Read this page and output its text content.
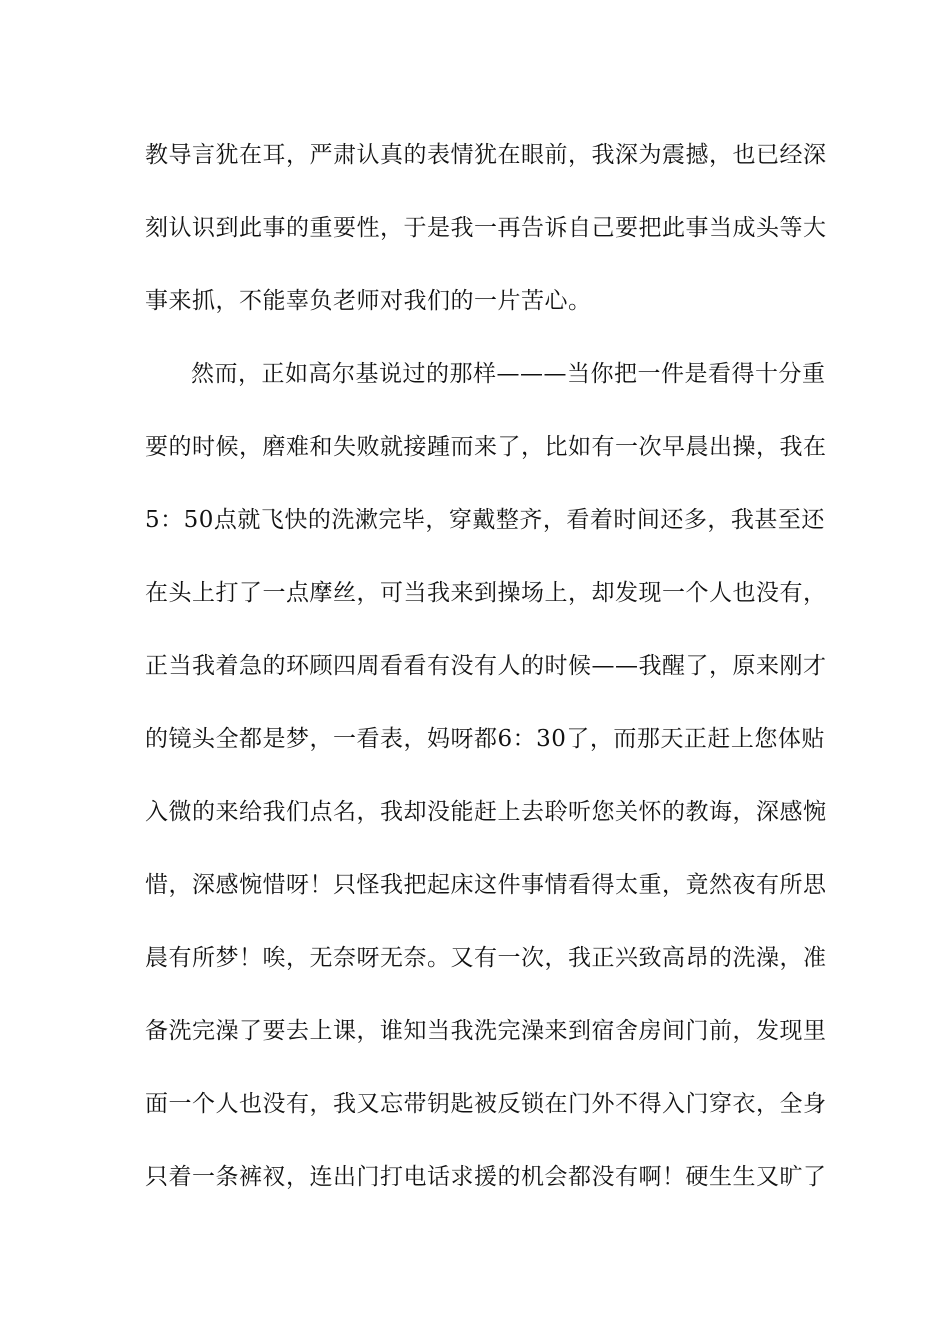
教导言犹在耳，严肃认真的表情犹在眼前，我深为震撼，也已经深
刻认识到此事的重要性，于是我一再告诉自己要把此事当成头等大
事来抓，不能辜负老师对我们的一片苦心。
然而，正如高尔基说过的那样———当你把一件是看得十分重
要的时候，磨难和失败就接踵而来了，比如有一次早晨出操，我在
5：50点就飞快的洗漱完毕，穿戴整齐，看着时间还多，我甚至还
在头上打了一点摩丝，可当我来到操场上，却发现一个人也没有，
正当我着急的环顾四周看看有没有人的时候——我醒了，原来刚才
的镜头全都是梦，一看表，妈呀都6：30了，而那天正赶上您体贴
入微的来给我们点名，我却没能赶上去聆听您关怀的教诲，深感惋
惜，深感惋惜呀！只怪我把起床这件事情看得太重，竟然夜有所思
晨有所梦！唉，无奈呀无奈。又有一次，我正兴致高昂的洗澡，准
备洗完澡了要去上课，谁知当我洗完澡来到宿舍房间门前，发现里
面一个人也没有，我又忘带钥匙被反锁在门外不得入门穿衣，全身
只着一条裤衩，连出门打电话求援的机会都没有啊！硬生生又旷了
